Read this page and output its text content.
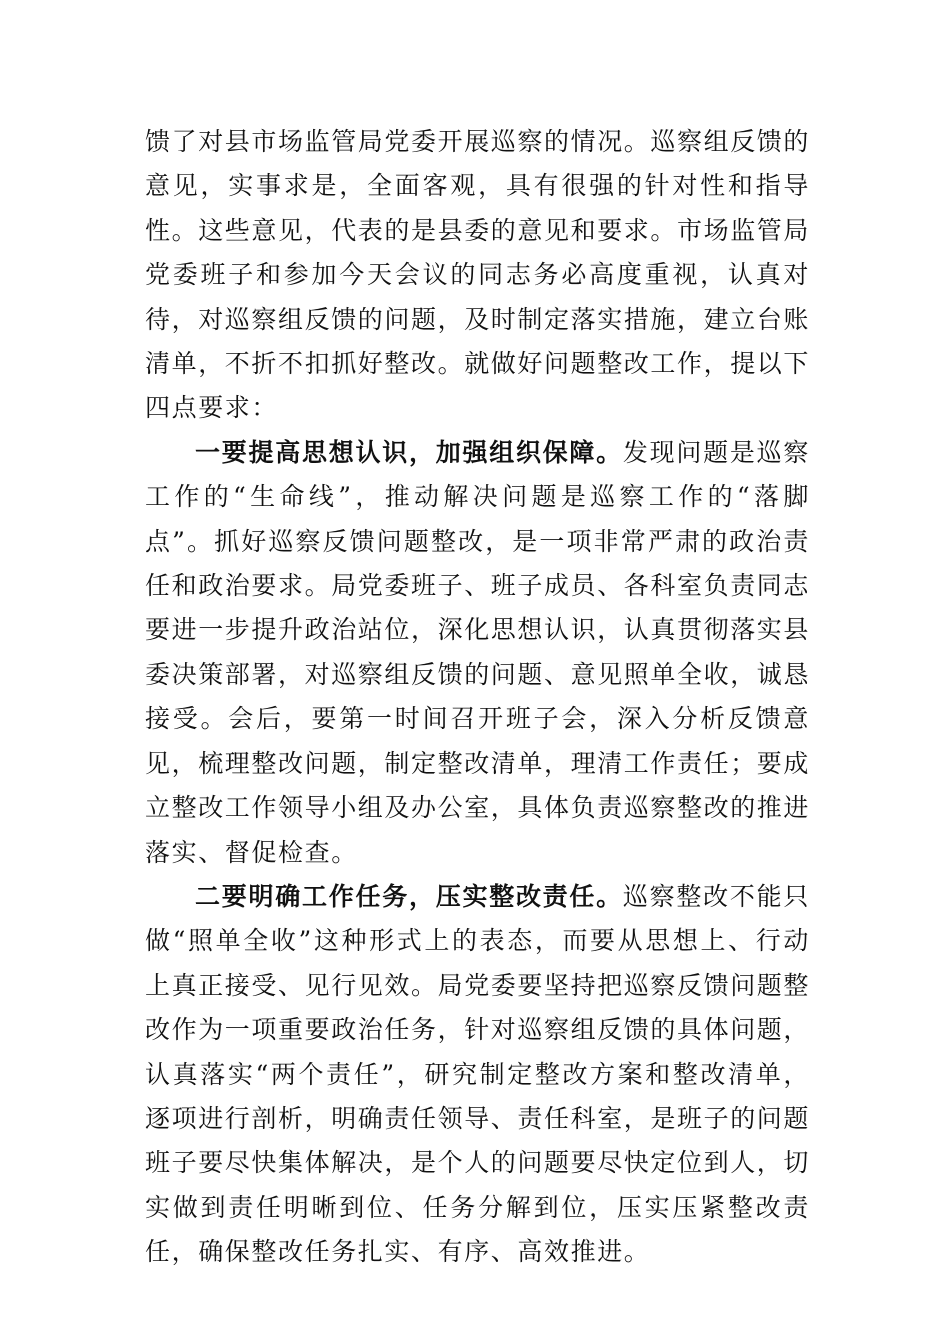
馈了对县市场监管局党委开展巡察的情况。巡察组反馈的意见，实事求是，全面客观，具有很强的针对性和指导性。这些意见，代表的是县委的意见和要求。市场监管局党委班子和参加今天会议的同志务必高度重视，认真对待，对巡察组反馈的问题，及时制定落实措施，建立台账清单，不折不扣抓好整改。就做好问题整改工作，提以下四点要求：

一要提高思想认识，加强组织保障。发现问题是巡察工作的“生命线”，推动解决问题是巡察工作的“落脚点”。抓好巡察反馈问题整改，是一项非常严肃的政治责任和政治要求。局党委班子、班子成员、各科室负责同志要进一步提升政治站位，深化思想认识，认真贯彻落实县委决策部署，对巡察组反馈的问题、意见照单全收，诚恳接受。会后，要第一时间召开班子会，深入分析反馈意见，梳理整改问题，制定整改清单，理清工作责任；要成立整改工作领导小组及办公室，具体负责巡察整改的推进落实、督促检查。

二要明确工作任务，压实整改责任。巡察整改不能只做“照单全收”这种形式上的表态，而要从思想上、行动上真正接受、见行见效。局党委要坚持把巡察反馈问题整改作为一项重要政治任务，针对巡察组反馈的具体问题，认真落实“两个责任”，研究制定整改方案和整改清单，逐项进行剖析，明确责任领导、责任科室，是班子的问题班子要尽快集体解决，是个人的问题要尽快定位到人，切实做到责任明晰到位、任务分解到位，压实压紧整改责任，确保整改任务扎实、有序、高效推进。
